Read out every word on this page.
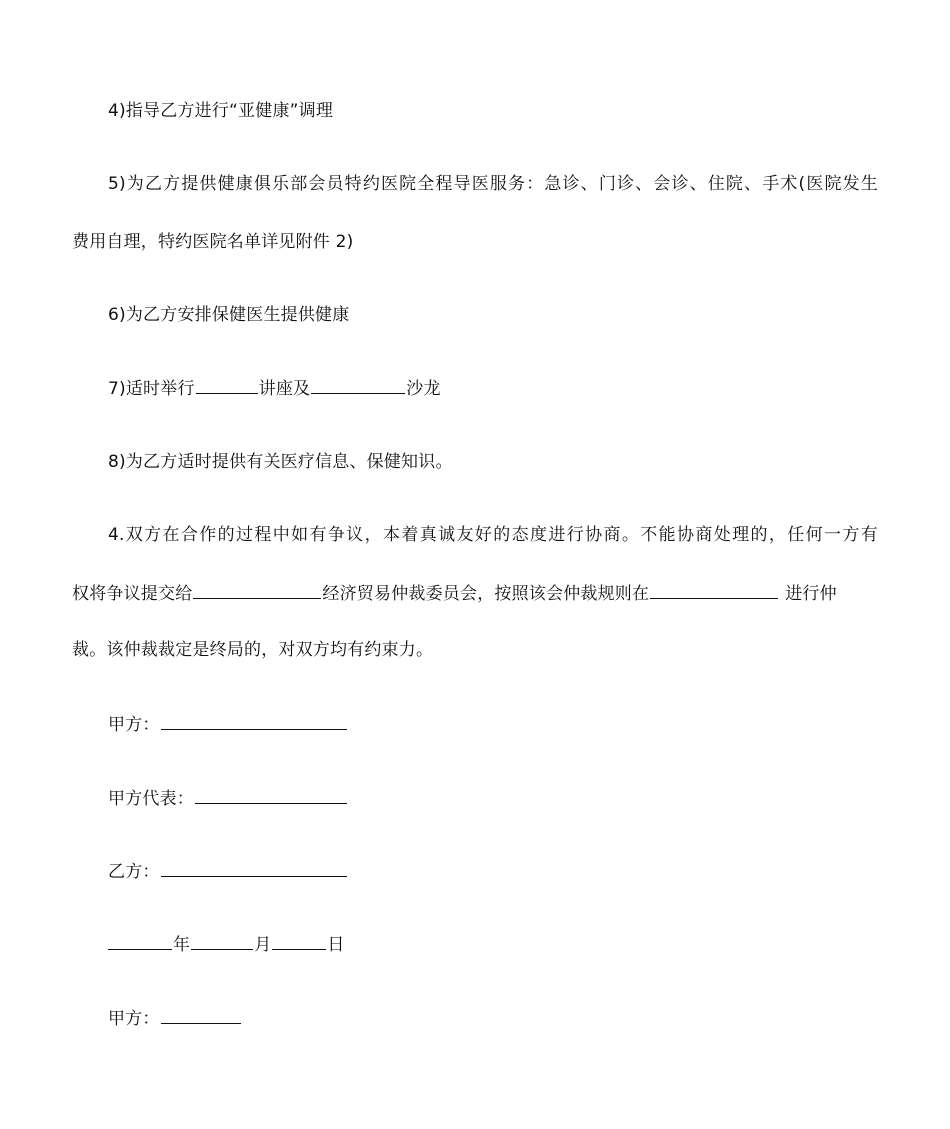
4)指导乙方进行“亚健康”调理
5)为乙方提供健康俱乐部会员特约医院全程导医服务：急诊、门诊、会诊、住院、手术(医院发生
费用自理，特约医院名单详见附件 2)
6)为乙方安排保健医生提供健康
7)适时举行	讲座及	沙龙
8)为乙方适时提供有关医疗信息、保健知识。
4.双方在合作的过程中如有争议，本着真诚友好的态度进行协商。不能协商处理的，任何一方有
权将争议提交给	经济贸易仲裁委员会，按照该会仲裁规则在	进行仲
裁。该仲裁裁定是终局的，对双方均有约束力。
甲方：
甲方代表：
乙方：
年	月	日
甲方：
